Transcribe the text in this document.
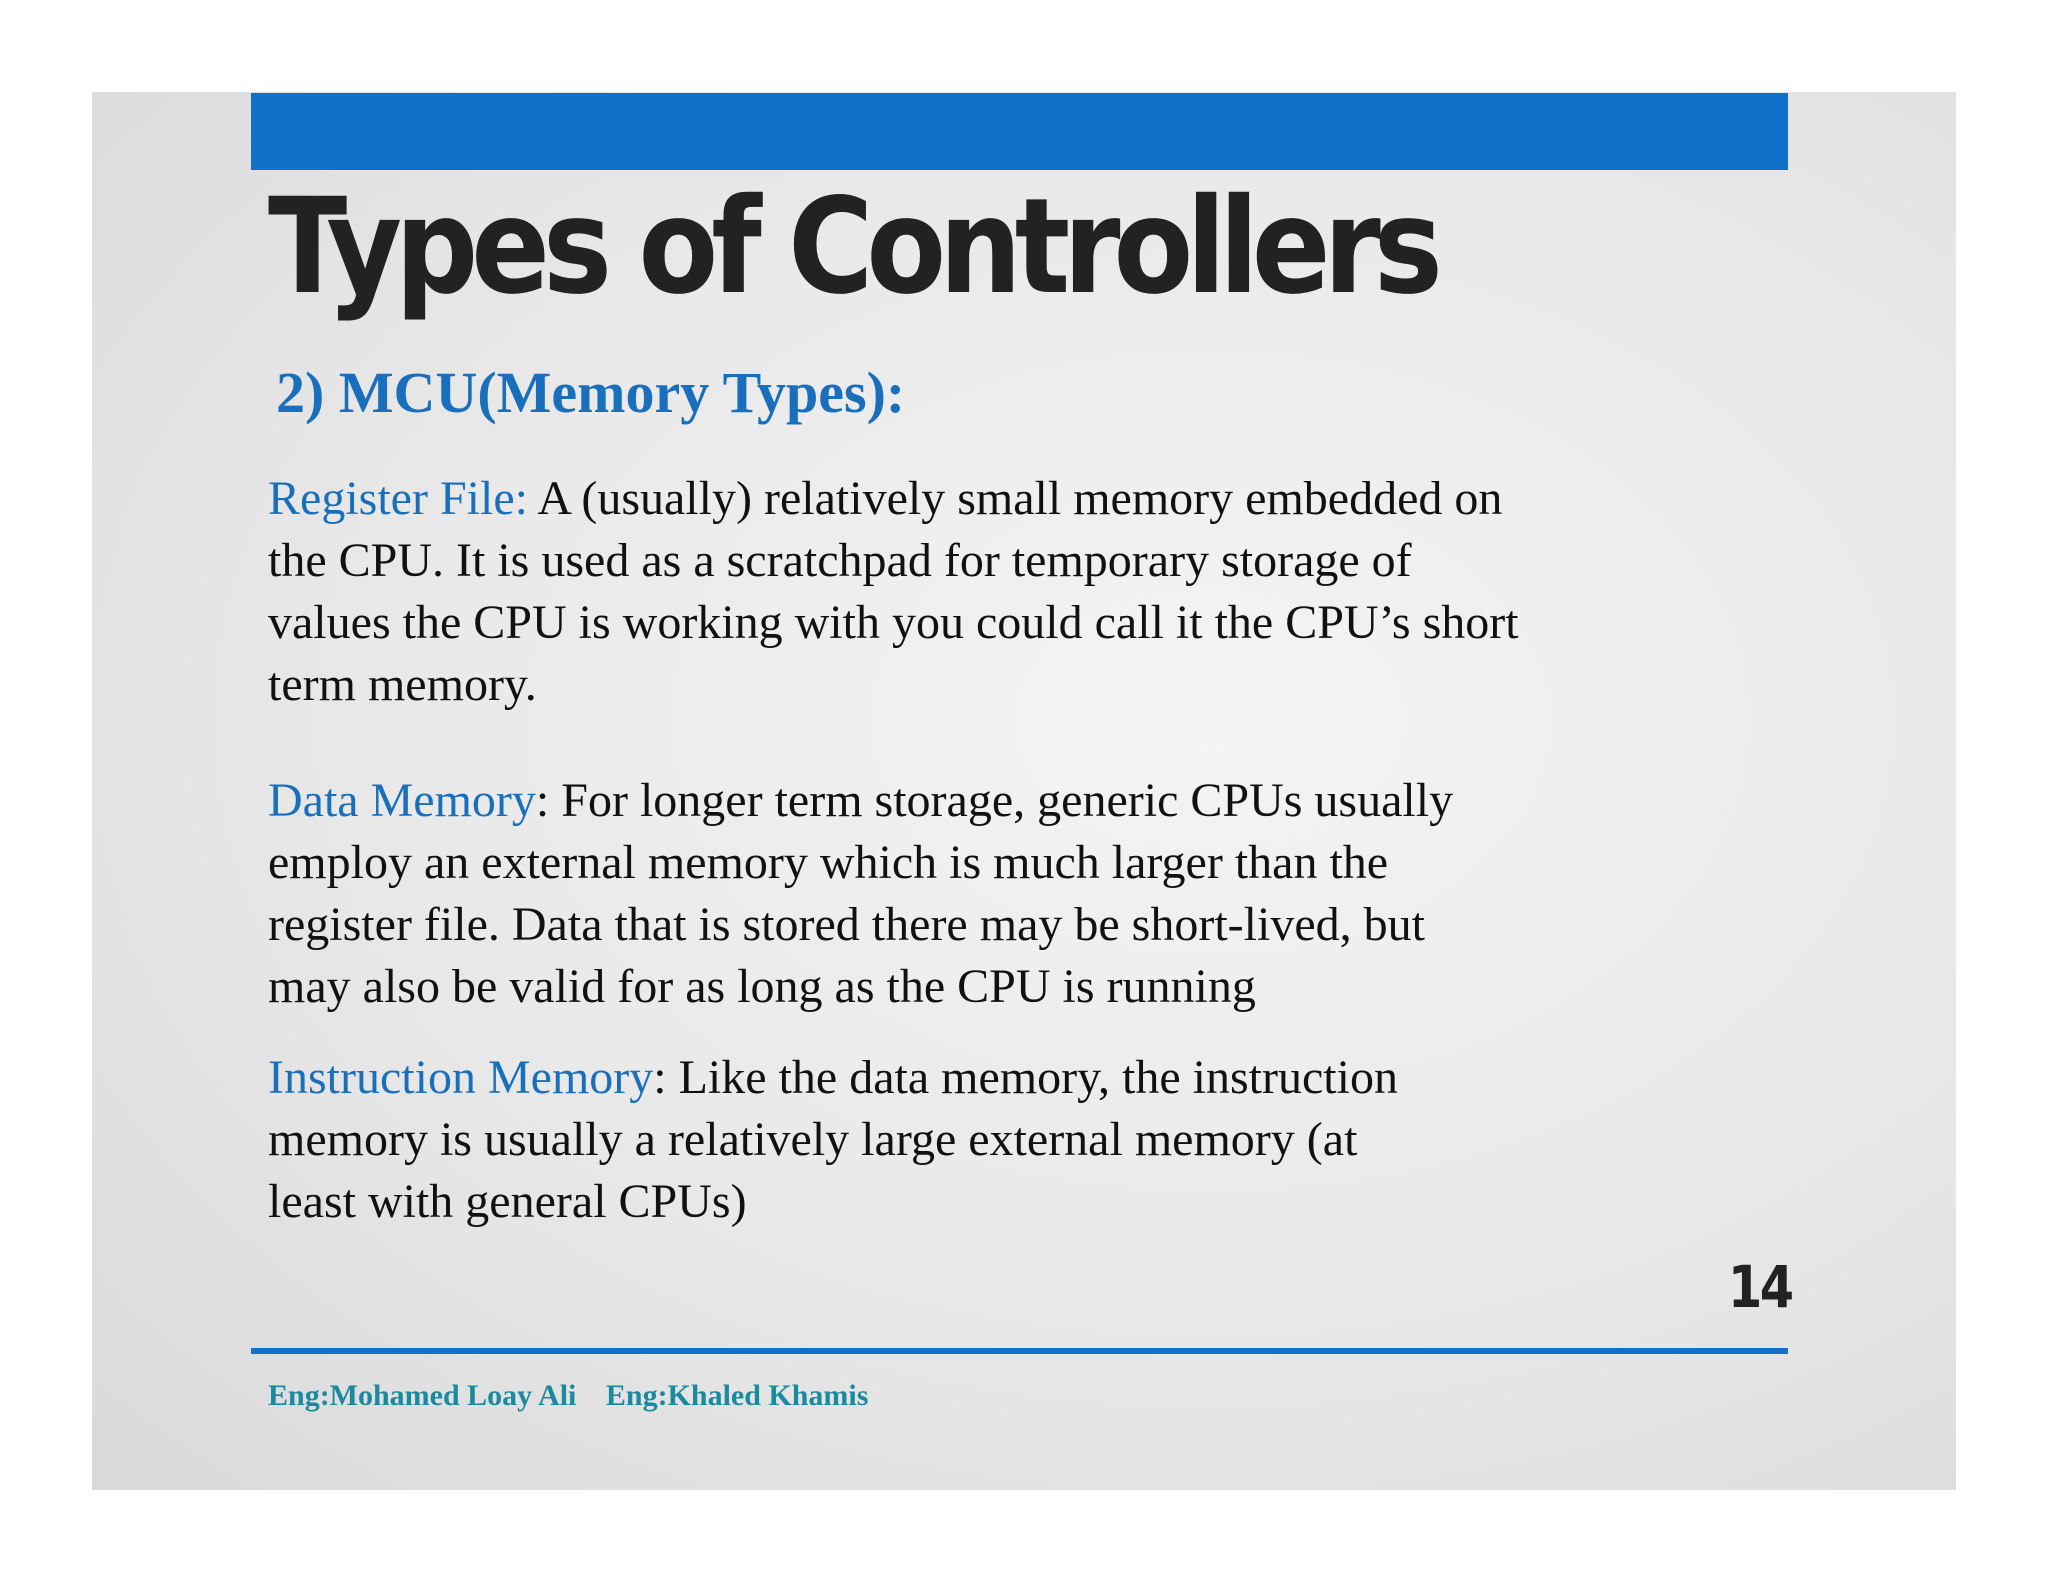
Types of Controllers
2) MCU(Memory Types):

Register File: A (usually) relatively small memory embedded on
the CPU. It is used as a scratchpad for temporary storage of
values the CPU is working with you could call it the CPU’s short
term memory.

Data Memory: For longer term storage, generic CPUs usually
employ an external memory which is much larger than the
register file. Data that is stored there may be short-lived, but
may also be valid for as long as the CPU is running

Instruction Memory: Like the data memory, the instruction
memory is usually a relatively large external memory (at
least with general CPUs)

14

Eng:Mohamed Loay Ali Eng:Khaled Khamis
